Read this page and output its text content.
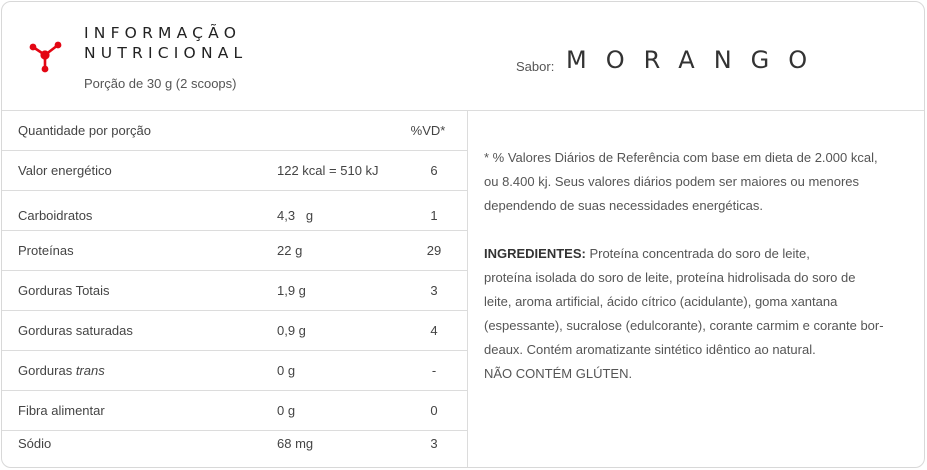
INFORMAÇÃO
NUTRICIONAL
Porção de 30 g (2 scoops)
Sabor: MORANGO
Quantidade por porção	%VD*
Valor energético	122 kcal = 510 kJ	6
Carboidratos	4,3   g	1
Proteínas	22 g	29
Gorduras Totais	1,9 g	3
Gorduras saturadas	0,9 g	4
Gorduras trans	0 g	-
Fibra alimentar	0 g	0
Sódio	68 mg	3

* % Valores Diários de Referência com base em dieta de 2.000 kcal,

ou 8.400 kj. Seus valores diários podem ser maiores ou menores

dependendo de suas necessidades energéticas.

INGREDIENTES: Proteína concentrada do soro de leite,

proteína isolada do soro de leite, proteína hidrolisada do soro de

leite, aroma artificial, ácido cítrico (acidulante), goma xantana

(espessante), sucralose (edulcorante), corante carmim e corante bor-

deaux. Contém aromatizante sintético idêntico ao natural.

NÃO CONTÉM GLÚTEN.
